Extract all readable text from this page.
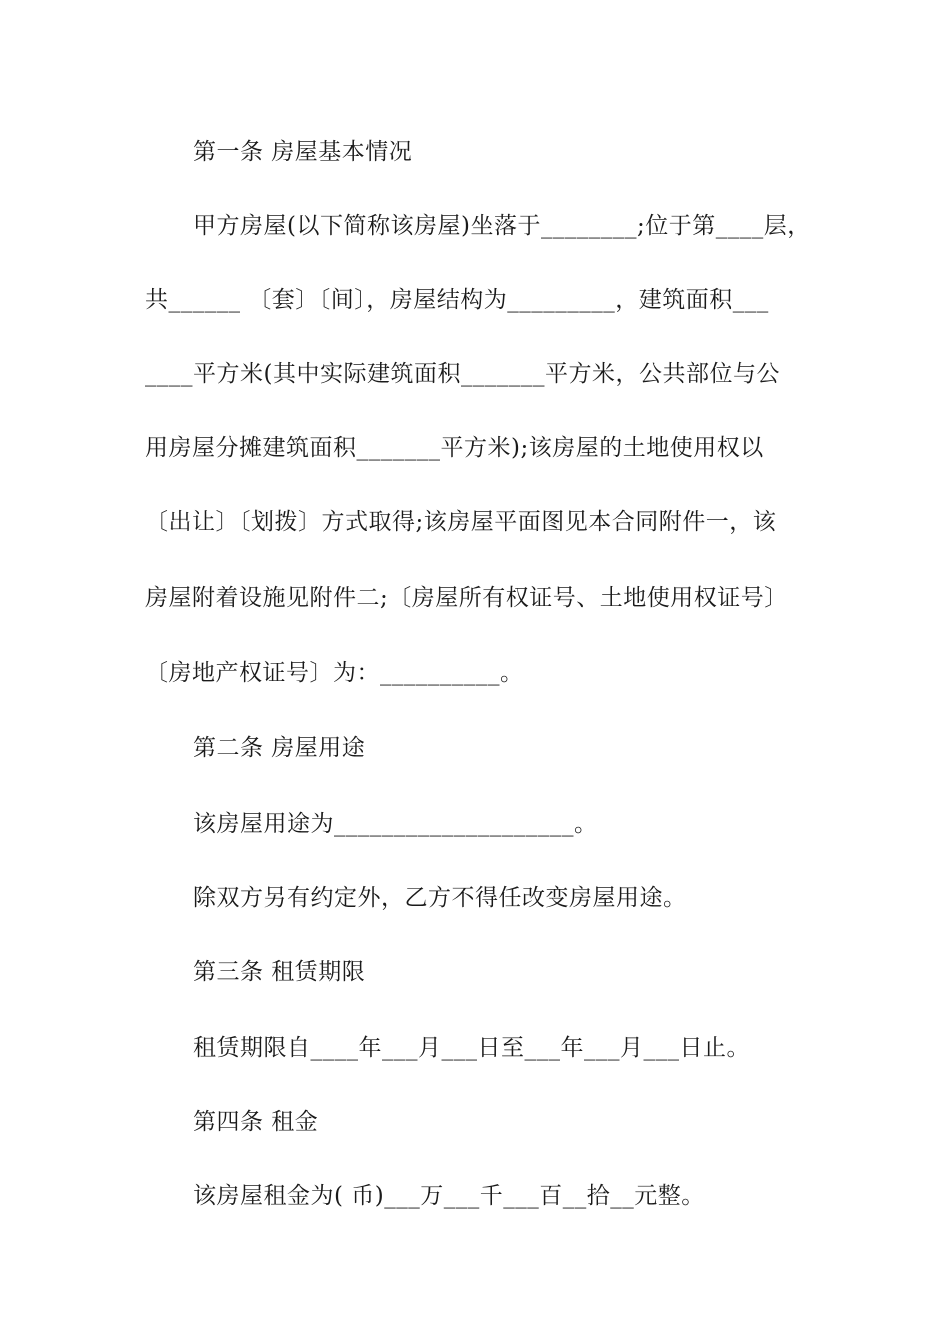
第一条 房屋基本情况
甲方房屋(以下简称该房屋)坐落于________;位于第____层，
共______ 〔套〕〔间〕，房屋结构为_________，建筑面积___
____平方米(其中实际建筑面积_______平方米，公共部位与公
用房屋分摊建筑面积_______平方米);该房屋的土地使用权以
〔出让〕〔划拨〕方式取得;该房屋平面图见本合同附件一，该
房屋附着设施见附件二;〔房屋所有权证号、土地使用权证号〕
〔房地产权证号〕为：__________。
第二条 房屋用途
该房屋用途为____________________。
除双方另有约定外，乙方不得任改变房屋用途。
第三条 租赁期限
租赁期限自____年___月___日至___年___月___日止。
第四条 租金
该房屋租金为( 币)___万___千___百__拾__元整。
